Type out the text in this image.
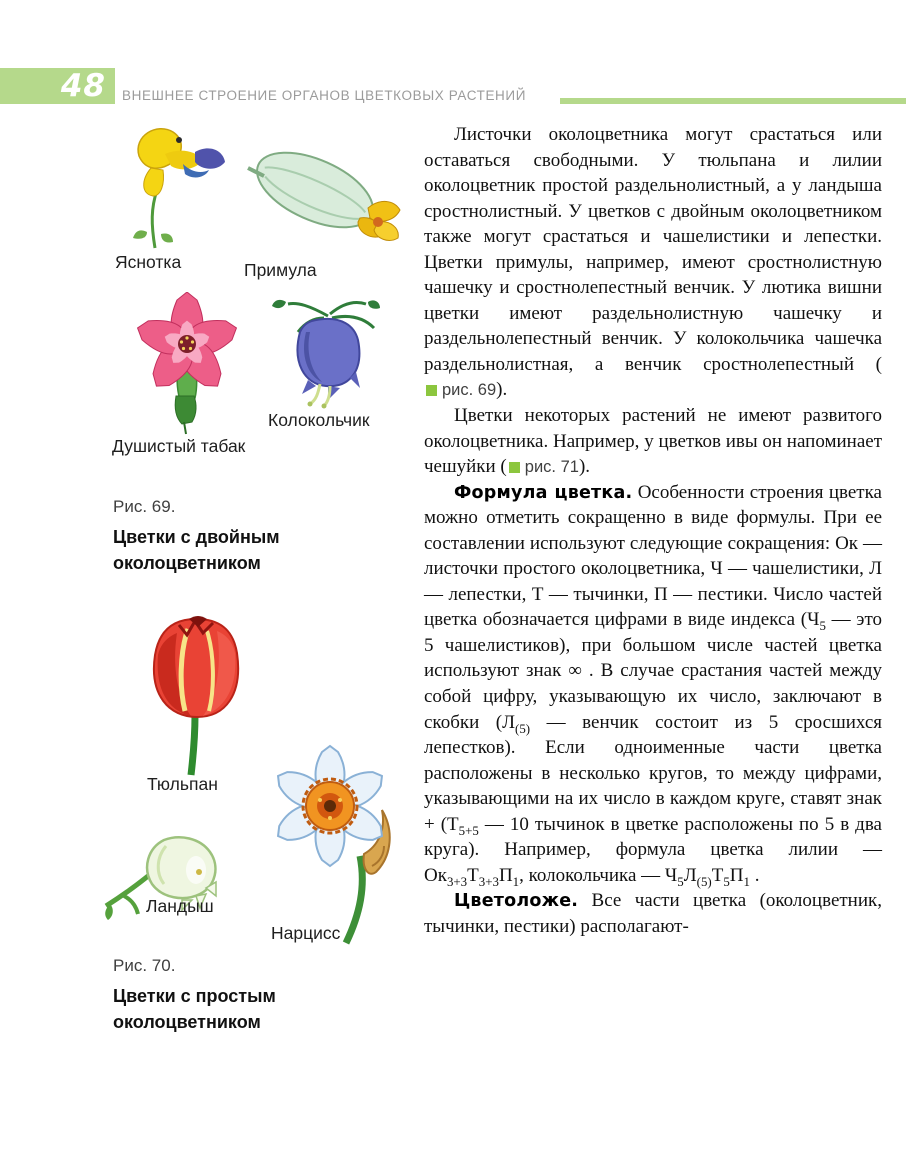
48 ВНЕШНЕЕ СТРОЕНИЕ ОРГАНОВ ЦВЕТКОВЫХ РАСТЕНИЙ
Яснотка	Примула
Душистый табак
Колокольчик
Рис. 69.
Цветки с двойным околоцветником
Тюльпан
Ландыш
Нарцисс
Рис. 70.
Цветки с простым околоцветником

Листочки околоцветника могут срастаться или оставаться свободными. У тюльпана и лилии околоцветник простой раздельнолистный, а у ландыша сростнолистный. У цветков с двойным околоцветником также могут срастаться и чашелистики и лепестки. Цветки примулы, например, имеют сростнолистную чашечку и сростнолепестный венчик. У лютика вишни цветки имеют раздельнолистную чашечку и раздельнолепестный венчик. У колокольчика чашечка раздельнолистная, а венчик сростнолепестный (рис. 69).

Цветки некоторых растений не имеют развитого околоцветника. Например, у цветков ивы он напоминает чешуйки ( рис. 71).

Формула цветка. Особенности строения цветка можно отметить сокращенно в виде формулы. При ее составлении используют следующие сокращения: Ок — листочки простого околоцветника, Ч — чашелистики, Л — лепестки, Т — тычинки, П — пестики. Число частей цветка обозначается цифрами в виде индекса ($Ч_5$ — это 5 чашелистиков), при большом числе частей цветка используют знак ∞ . В случае срастания частей между собой цифру, указывающую их число, заключают в скобки ($Л_{(5)}$ — венчик состоит из 5 сросшихся лепестков). Если одноименные части цветка расположены в несколько кругов, то между цифрами, указывающими на их число в каждом круге, ставят знак + ($Т_{5+5}$ — 10 тычинок в цветке расположены по 5 в два круга). Например, формула цветка лилии — $Ок_{3+3}Т_{3+3}П_1$, колокольчика — $Ч_5Л_{(5)}Т_5П_1$ .

Цветоложе. Все части цветка (околоцветник, тычинки, пестики) располагают-
